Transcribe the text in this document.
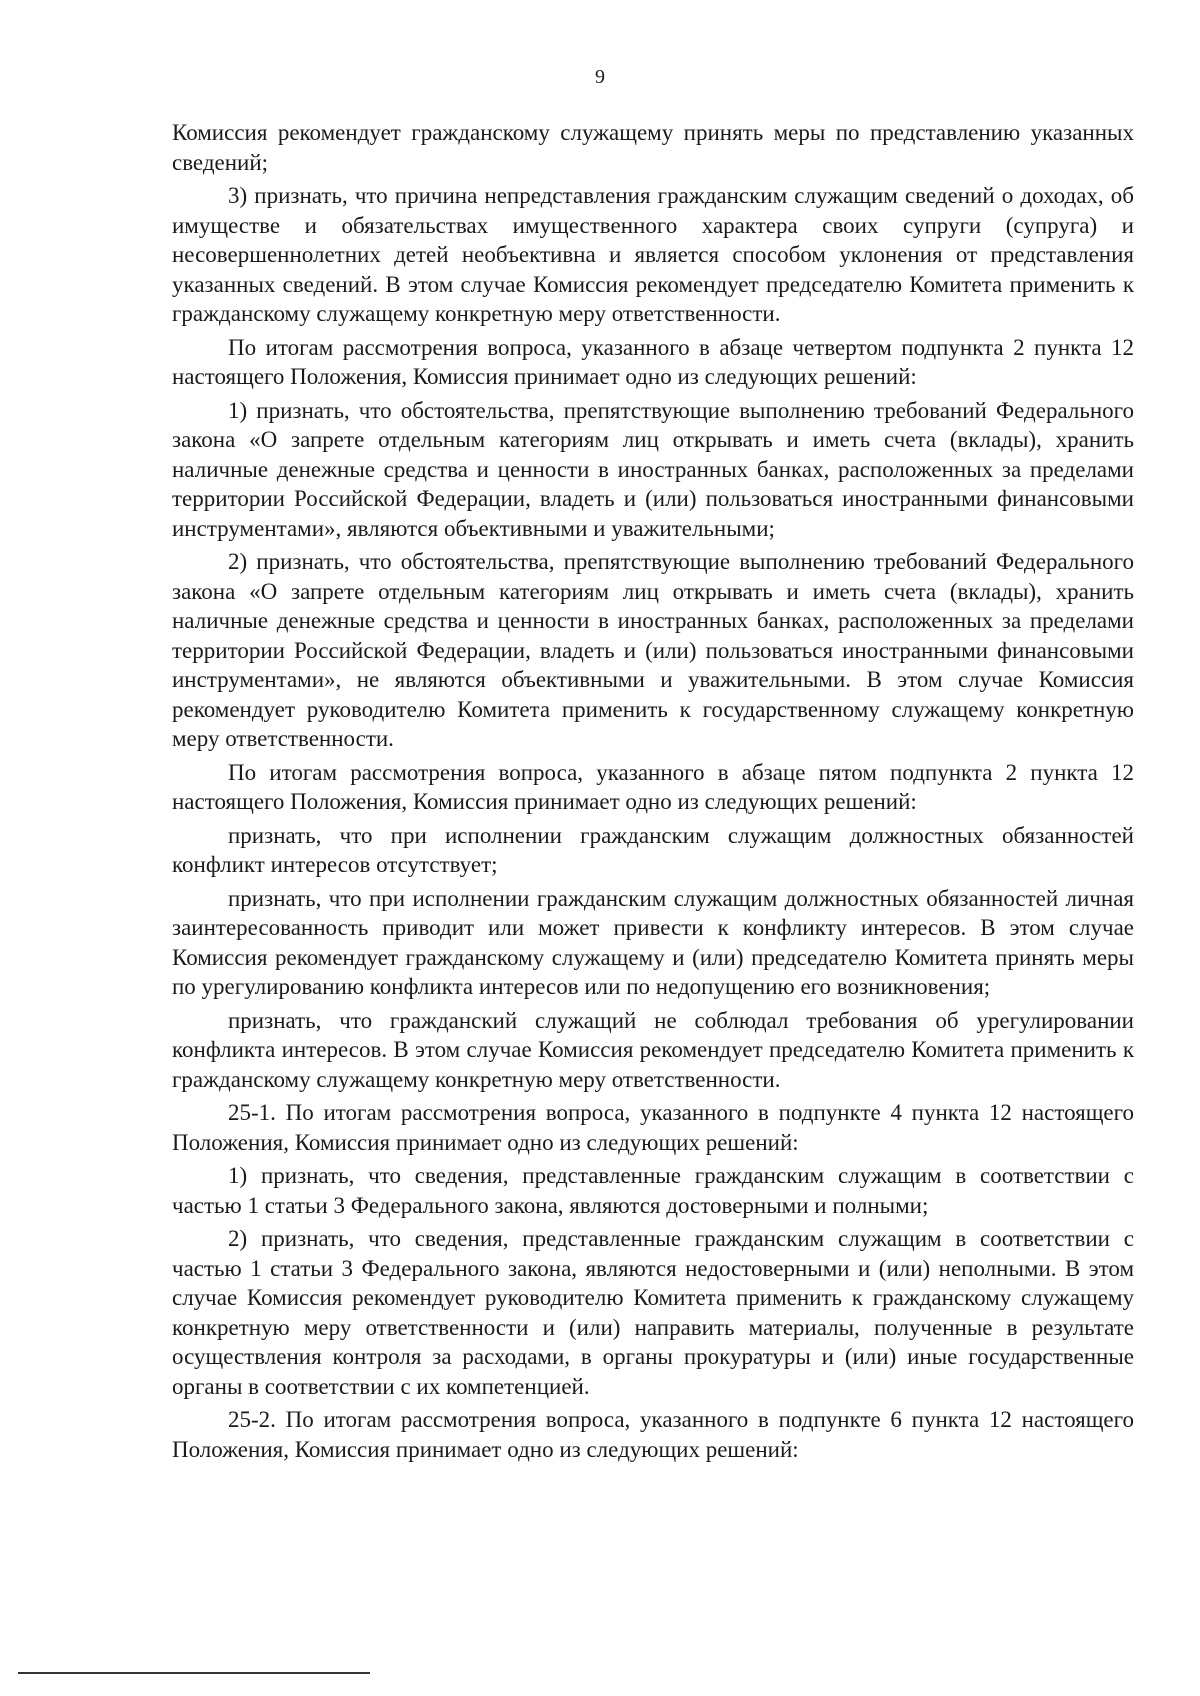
9

Комиссия рекомендует гражданскому служащему принять меры по представлению указанных сведений;

3) признать, что причина непредставления гражданским служащим сведений о доходах, об имуществе и обязательствах имущественного характера своих супруги (супруга) и несовершеннолетних детей необъективна и является способом уклонения от представления указанных сведений. В этом случае Комиссия рекомендует председателю Комитета применить к гражданскому служащему конкретную меру ответственности.

По итогам рассмотрения вопроса, указанного в абзаце четвертом подпункта 2 пункта 12 настоящего Положения, Комиссия принимает одно из следующих решений:

1) признать, что обстоятельства, препятствующие выполнению требований Федерального закона «О запрете отдельным категориям лиц открывать и иметь счета (вклады), хранить наличные денежные средства и ценности в иностранных банках, расположенных за пределами территории Российской Федерации, владеть и (или) пользоваться иностранными финансовыми инструментами», являются объективными и уважительными;

2) признать, что обстоятельства, препятствующие выполнению требований Федерального закона «О запрете отдельным категориям лиц открывать и иметь счета (вклады), хранить наличные денежные средства и ценности в иностранных банках, расположенных за пределами территории Российской Федерации, владеть и (или) пользоваться иностранными финансовыми инструментами», не являются объективными и уважительными. В этом случае Комиссия рекомендует руководителю Комитета применить к государственному служащему конкретную меру ответственности.

По итогам рассмотрения вопроса, указанного в абзаце пятом подпункта 2 пункта 12 настоящего Положения, Комиссия принимает одно из следующих решений:

признать, что при исполнении гражданским служащим должностных обязанностей конфликт интересов отсутствует;

признать, что при исполнении гражданским служащим должностных обязанностей личная заинтересованность приводит или может привести к конфликту интересов. В этом случае Комиссия рекомендует гражданскому служащему и (или) председателю Комитета принять меры по урегулированию конфликта интересов или по недопущению его возникновения;

признать, что гражданский служащий не соблюдал требования об урегулировании конфликта интересов. В этом случае Комиссия рекомендует председателю Комитета применить к гражданскому служащему конкретную меру ответственности.

25-1. По итогам рассмотрения вопроса, указанного в подпункте 4 пункта 12 настоящего Положения, Комиссия принимает одно из следующих решений:

1) признать, что сведения, представленные гражданским служащим в соответствии с частью 1 статьи 3 Федерального закона, являются достоверными и полными;

2) признать, что сведения, представленные гражданским служащим в соответствии с частью 1 статьи 3 Федерального закона, являются недостоверными и (или) неполными. В этом случае Комиссия рекомендует руководителю Комитета применить к гражданскому служащему конкретную меру ответственности и (или) направить материалы, полученные в результате осуществления контроля за расходами, в органы прокуратуры и (или) иные государственные органы в соответствии с их компетенцией.

25-2. По итогам рассмотрения вопроса, указанного в подпункте 6 пункта 12 настоящего Положения, Комиссия принимает одно из следующих решений:
